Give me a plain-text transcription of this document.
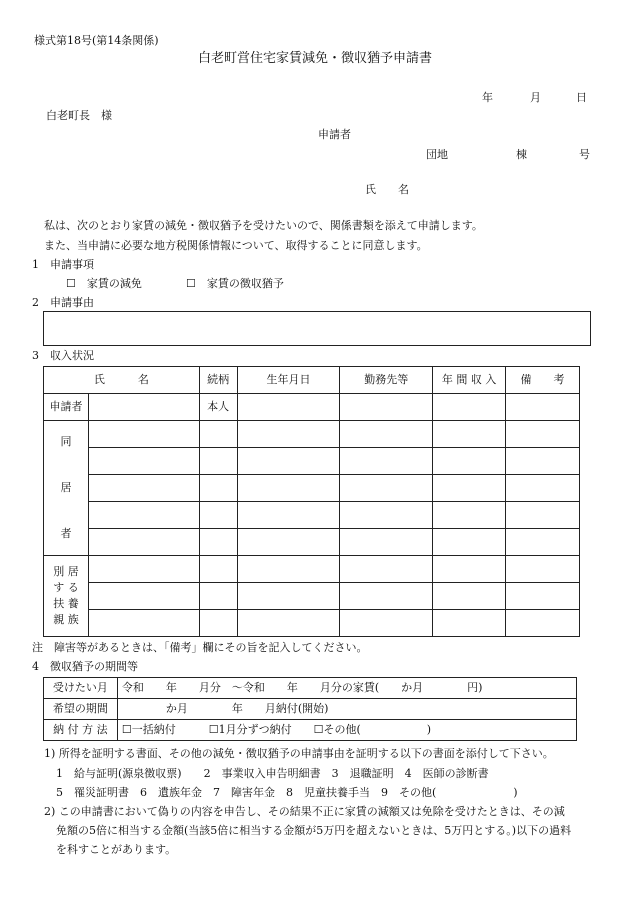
様式第18号(第14条関係)
白老町営住宅家賃減免・徴収猶予申請書
年	月	日
白老町長　様
申請者
団地	棟	号
氏　　名
私は、次のとおり家賃の減免・徴収猶予を受けたいので、関係書類を添えて申請します。
また、当申請に必要な地方税関係情報について、取得することに同意します。
1　申請事項
☐　家賃の減免	☐　家賃の徴収猶予
2　申請事由
3　収入状況
氏　　　名		続柄	生年月日	勤務先等	年 間 収 入	備　　考
申請者		本人				

同
居
者						

別 居
す る
扶 養
親 族						

注　障害等があるときは、「備考」欄にその旨を記入してください。
4　徴収猶予の期間等
受けたい月	令和　　年　　月分　～令和　　年　　月分の家賃(　　か月　　　　円)
希望の期間	　　　　か月　　　　年　　月納付(開始)
納 付 方 法	☐一括納付　　　☐1月分ずつ納付　　☐その他(　　　　　　)
1) 所得を証明する書面、その他の減免・徴収猶予の申請事由を証明する以下の書面を添付して下さい。
1　給与証明(源泉徴収票)　　2　事業収入申告明細書　3　退職証明　4　医師の診断書
5　罹災証明書　6　遺族年金　7　障害年金　8　児童扶養手当　9　その他(　　　　　　　)
2) この申請書において偽りの内容を申告し、その結果不正に家賃の減額又は免除を受けたときは、その減
免額の5倍に相当する金額(当該5倍に相当する金額が5万円を超えないときは、5万円とする。)以下の過料
を科すことがあります。
